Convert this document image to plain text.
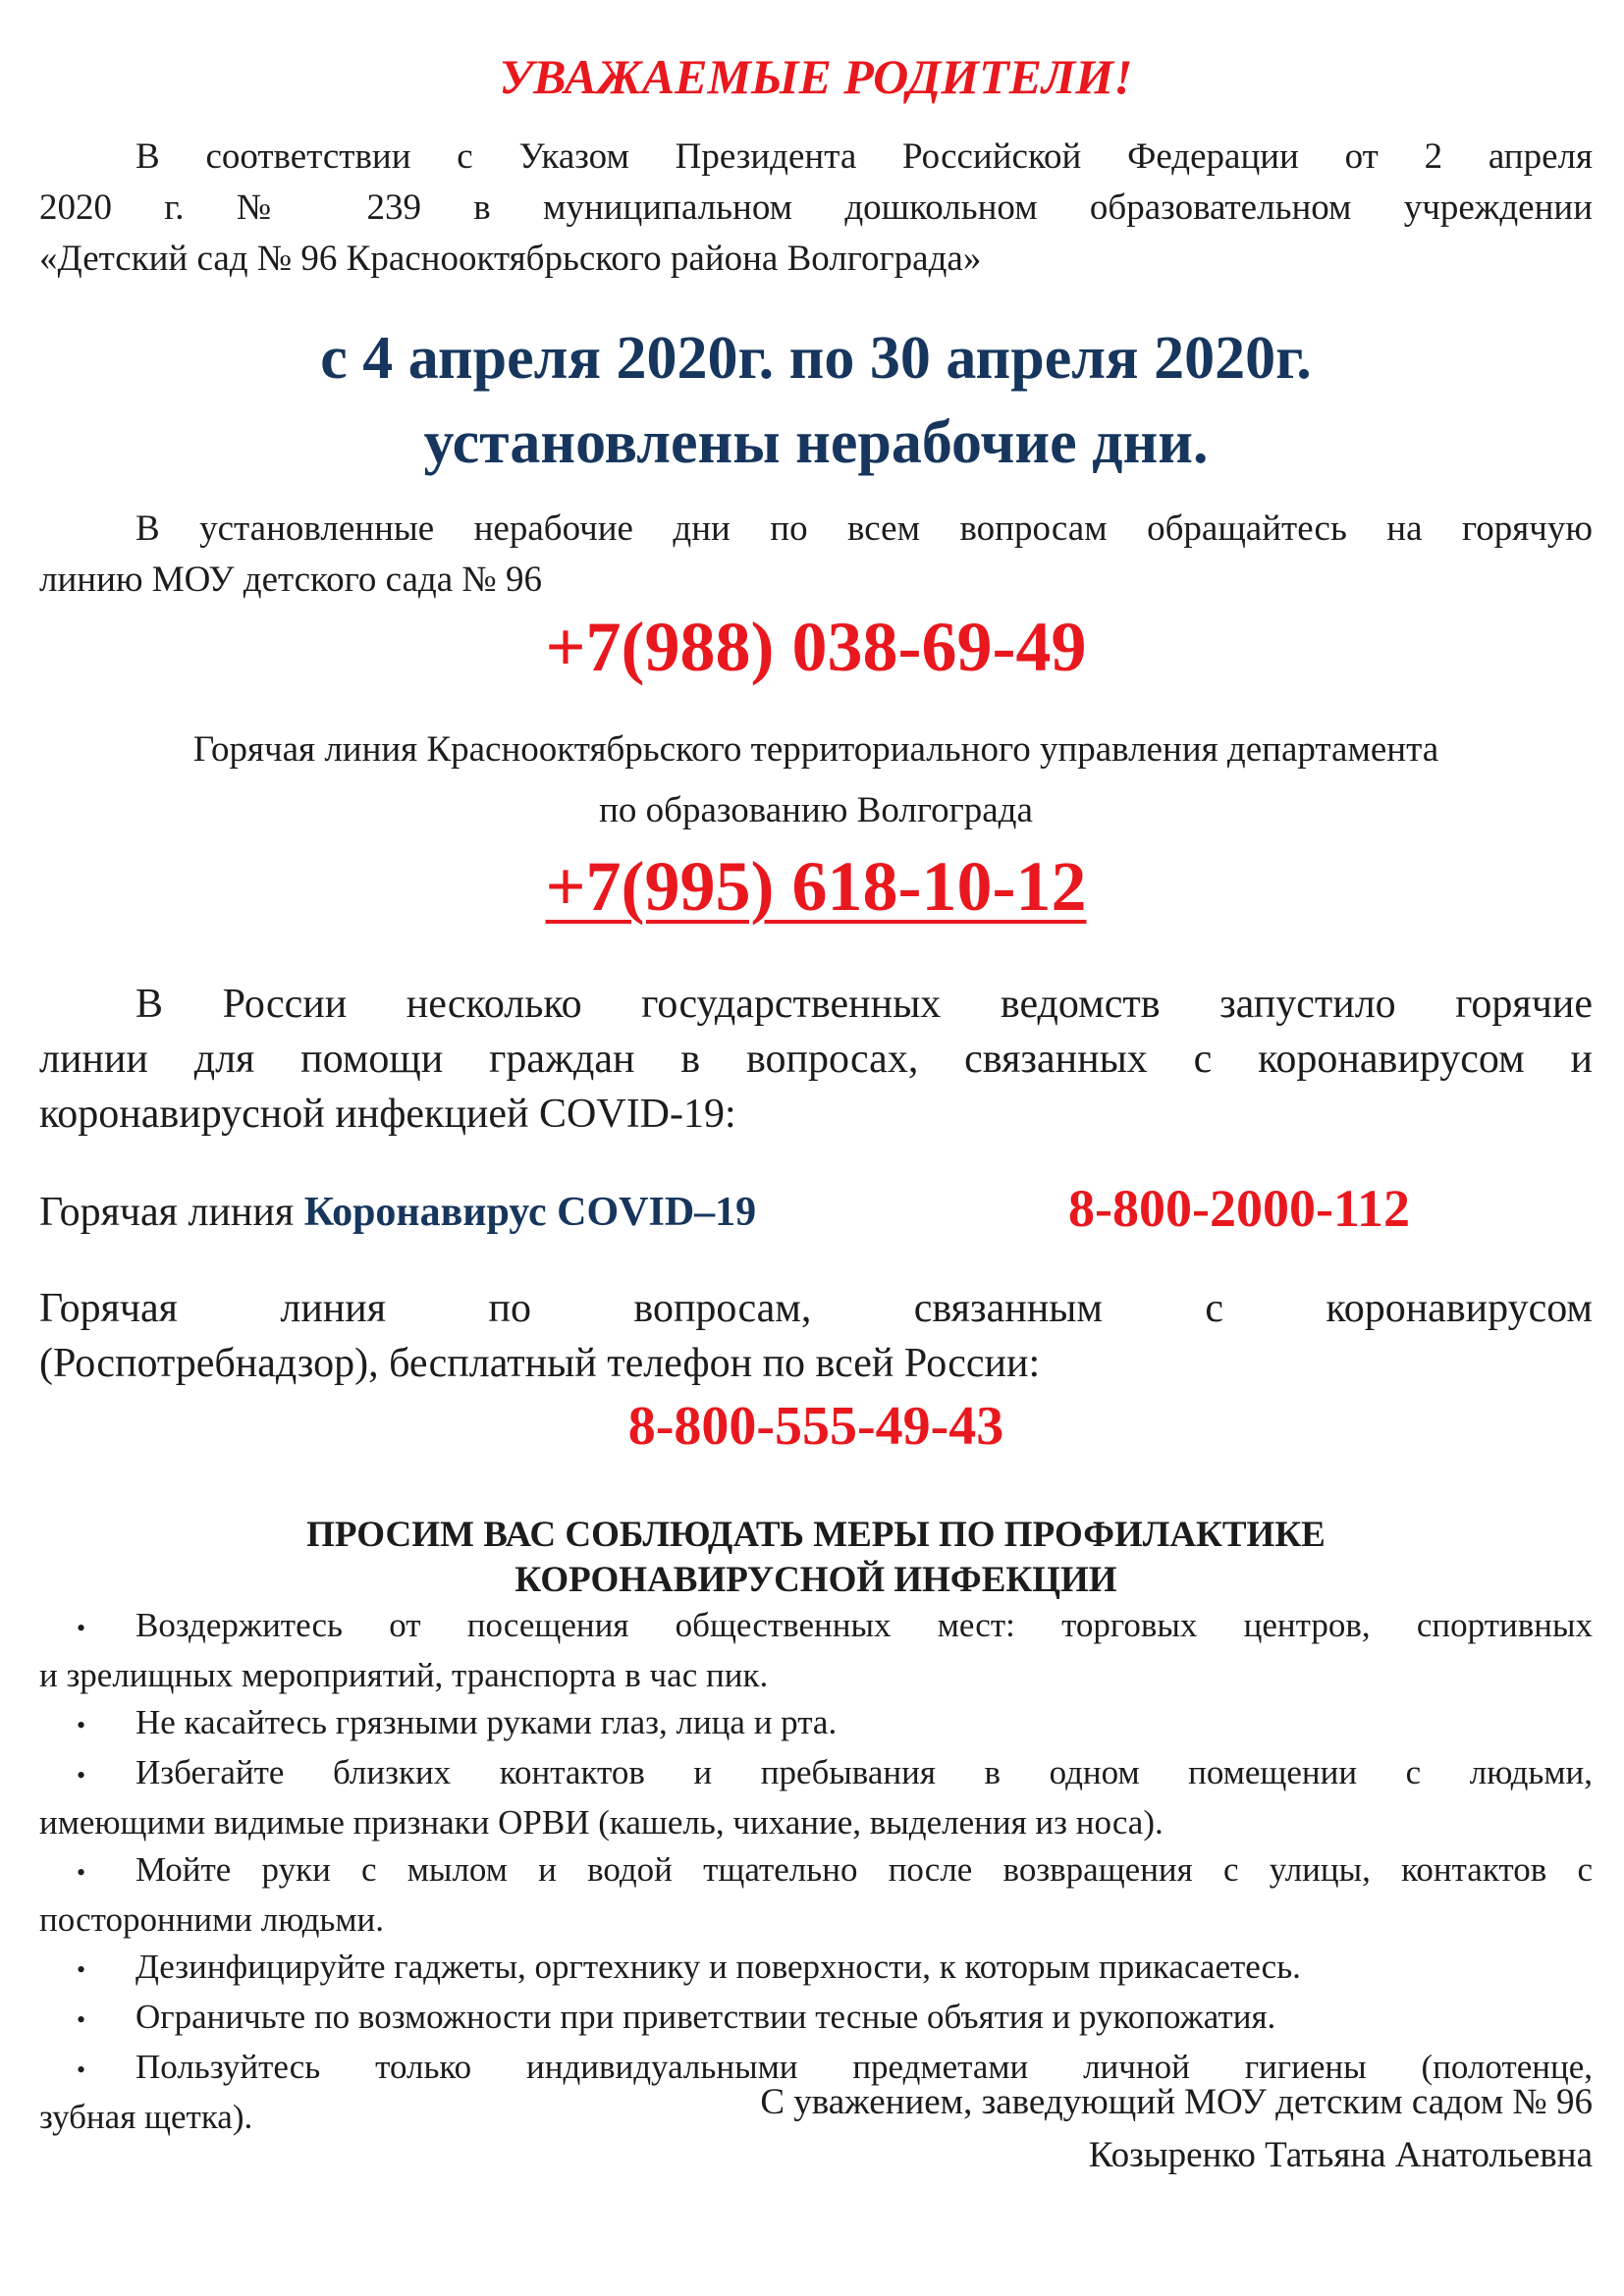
УВАЖАЕМЫЕ РОДИТЕЛИ!
В соответствии с Указом Президента Российской Федерации от 2 апреля
2020 г. № 239 в муниципальном дошкольном образовательном учреждении
«Детский сад № 96 Краснооктябрьского района Волгограда»
с 4 апреля 2020г. по 30 апреля 2020г.
установлены нерабочие дни.
В установленные нерабочие дни по всем вопросам обращайтесь на горячую
линию МОУ детского сада № 96
+7(988) 038-69-49
Горячая линия Краснооктябрьского территориального управления департамента
по образованию Волгограда
+7(995) 618-10-12
В России несколько государственных ведомств запустило горячие
линии для помощи граждан в вопросах, связанных с коронавирусом и
коронавирусной инфекцией COVID-19:
Горячая линия Коронавирус COVID–19	8-800-2000-112
Горячая линия по вопросам, связанным с коронавирусом
(Роспотребнадзор), бесплатный телефон по всей России:
8-800-555-49-43
ПРОСИМ ВАС СОБЛЮДАТЬ МЕРЫ ПО ПРОФИЛАКТИКЕ
КОРОНАВИРУСНОЙ ИНФЕКЦИИ
• Воздержитесь от посещения общественных мест: торговых центров, спортивных
и зрелищных мероприятий, транспорта в час пик.
• Не касайтесь грязными руками глаз, лица и рта.
• Избегайте близких контактов и пребывания в одном помещении с людьми,
имеющими видимые признаки ОРВИ (кашель, чихание, выделения из носа).
• Мойте руки с мылом и водой тщательно после возвращения с улицы, контактов с
посторонними людьми.
• Дезинфицируйте гаджеты, оргтехнику и поверхности, к которым прикасаетесь.
• Ограничьте по возможности при приветствии тесные объятия и рукопожатия.
• Пользуйтесь только индивидуальными предметами личной гигиены (полотенце,
зубная щетка).	С уважением, заведующий МОУ детским садом № 96
Козыренко Татьяна Анатольевна
